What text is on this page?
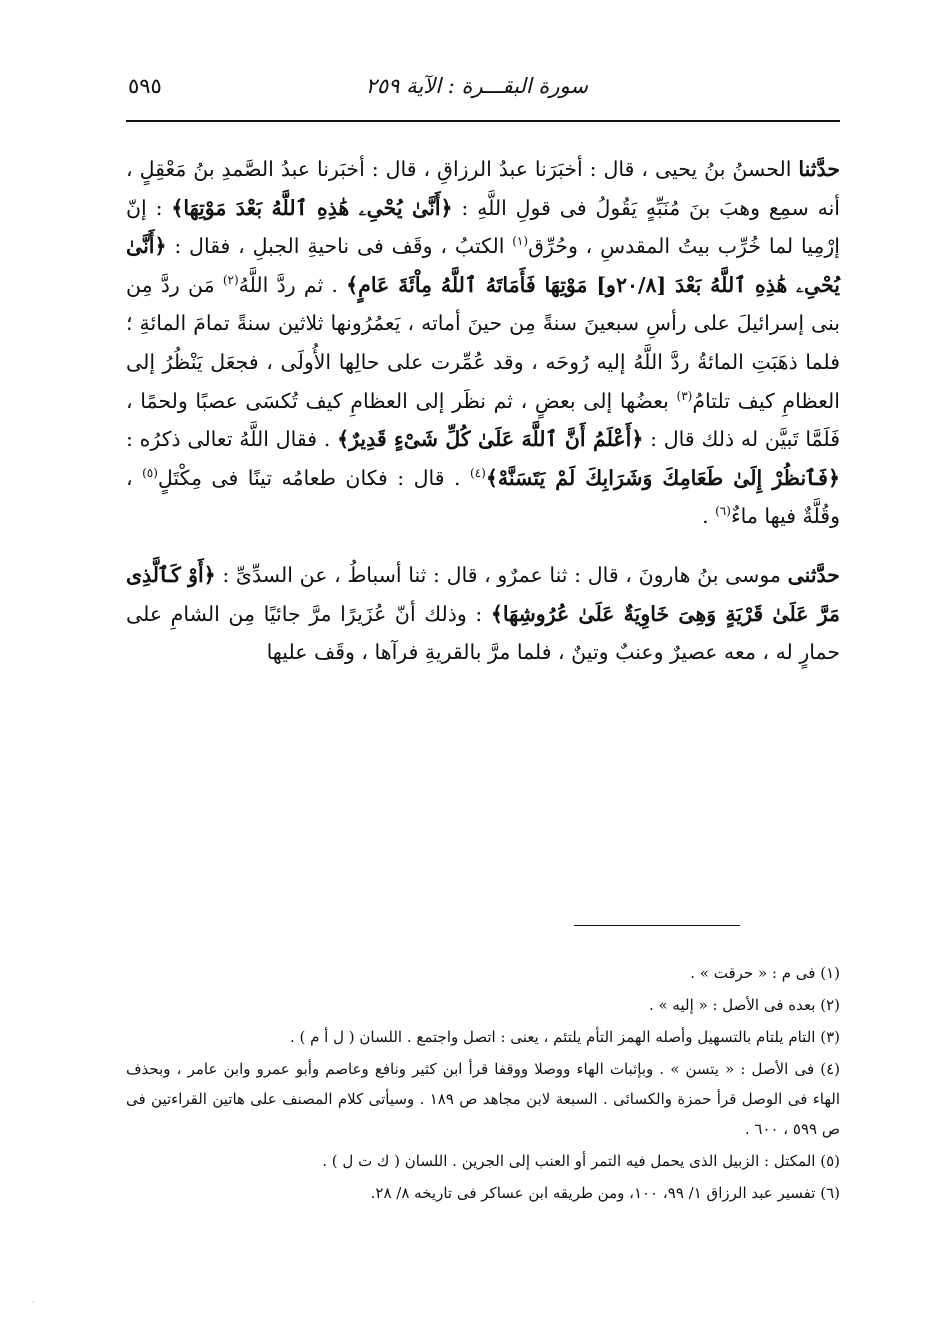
سورة البقـــرة : الآية ٢٥٩
٥٩٥

حدَّثنا الحسنُ بنُ يحيى ، قال : أخبَرَنا عبدُ الرزاقِ ، قال : أخبَرنا عبدُ الصَّمدِ بنُ مَعْقِلٍ ، أنه سمِع وهبَ بنَ مُنَبِّهٍ يَقُولُ فى قولِ اللَّهِ : ﴿أَنَّىٰ يُحْىِۦ هَٰذِهِ ٱللَّهُ بَعْدَ مَوْتِهَا﴾ : إنّ إرْمِيا لما خُرِّب بيتُ المقدسِ ، وحُرِّق$^{(١)}$ الكتبُ ، وقَف فى ناحيةِ الجبلِ ، فقال : ﴿أَنَّىٰ يُحْىِۦ هَٰذِهِ ٱللَّهُ بَعْدَ [٢٠/٨و] مَوْتِهَا فَأَمَاتَهُ ٱللَّهُ مِاْئَةَ عَامٍ﴾ . ثم ردَّ اللَّهُ$^{(٢)}$ مَن ردَّ مِن بنى إسرائيلَ على رأسِ سبعينَ سنةً مِن حينَ أماته ، يَعمُرُونها ثلاثين سنةً تمامَ المائةِ ؛ فلما ذهَبَتِ المائةُ ردَّ اللَّهُ إليه رُوحَه ، وقد عُمِّرت على حالِها الأُولَى ، فجعَل يَنْظُرُ إلى العظامِ كيف تلتامُ$^{(٣)}$ بعضُها إلى بعضٍ ، ثم نظَر إلى العظامِ كيف تُكسَى عصبًا ولحمًا ، فَلَمَّا تَبيَّن له ذلك قال : ﴿أَعْلَمُ أَنَّ ٱللَّهَ عَلَىٰ كُلِّ شَىْءٍ قَدِيرٌ﴾ . فقال اللَّهُ تعالى ذكرُه : ﴿فَٱنظُرْ إِلَىٰ طَعَامِكَ وَشَرَابِكَ لَمْ يَتَسَنَّهْ﴾$^{(٤)}$ . قال : فكان طعامُه تينًا فى مِكْتَلٍ$^{(٥)}$ ، وقُلَّةٌ فيها ماءٌ$^{(٦)}$ .

حدَّثنى موسى بنُ هارونَ ، قال : ثنا عمرٌو ، قال : ثنا أسباطُ ، عن السدِّىِّ : ﴿أَوْ كَٱلَّذِى مَرَّ عَلَىٰ قَرْيَةٍ وَهِىَ خَاوِيَةٌ عَلَىٰ عُرُوشِهَا﴾ : وذلك أنّ عُزَيرًا مرَّ جائيًا مِن الشامِ على حمارٍ له ، معه عصيرٌ وعنبٌ وتينٌ ، فلما مرَّ بالقريةِ فرآها ، وقَف عليها

(١) فى م : « حرقت » .
(٢) بعده فى الأصل : « إليه » .
(٣) التام يلتام بالتسهيل وأصله الهمز التأم يلتئم ، يعنى : اتصل واجتمع . اللسان ( ل أ م ) .
(٤) فى الأصل : « يتسن » . وبإثبات الهاء ووصلا ووقفا قرأ ابن كثير ونافع وعاصم وأبو عمرو وابن عامر ، وبحذف الهاء فى الوصل قرأ حمزة والكسائى . السبعة لابن مجاهد ص ١٨٩ . وسيأتى كلام المصنف على هاتين القراءتين فى ص ٥٩٩ ، ٦٠٠ .
(٥) المكتل : الزبيل الذى يحمل فيه التمر أو العنب إلى الجرين . اللسان ( ك ت ل ) .
(٦) تفسير عبد الرزاق ١/ ٩٩، ١٠٠، ومن طريقه ابن عساكر فى تاريخه ٨/ ٢٨.
·
